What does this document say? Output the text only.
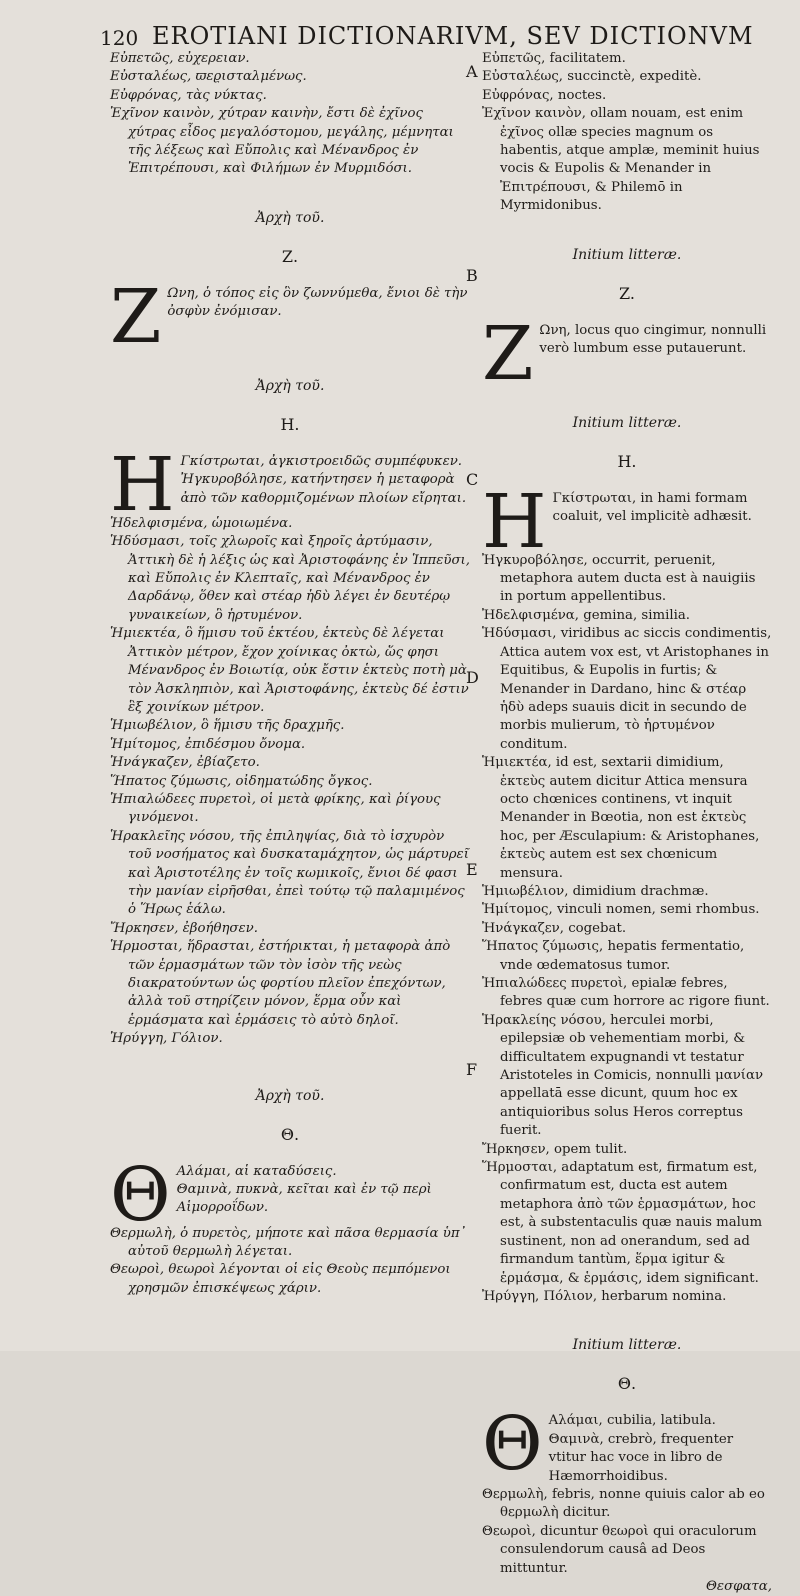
120 EROTIANI DICTIONARIVM, SEV DICTIONVM
A
B
C
D
E
F

Εὐπετῶς, εὐχερειαν.

Εὐσταλέως, ϖεϱισταλμένως.

Εὐφρόνας, τὰς νύκτας.

Ἐχῖνον καινὸν, χύτραν καινὴν, ἔστι δὲ ἐχῖνος χύτρας εἶδος μεγαλόστομου, μεγάλης, μέμνηται τῆς λέξεως καὶ Εὔπολις καὶ Μένανδρος ἐν Ἐπιτρέπουσι, καὶ Φιλήμων ἐν Μυρμιδόσι.

Ἀρχὴ τοῦ.

Ζ.

Z Ωνη, ὁ τόπος εἰς ὃν ζωννύμεθα, ἔνιοι δὲ τὴν ὀσφὺν ἐνόμισαν.

Ἀρχὴ τοῦ.

Η.

H Γκίστρωται, ἀγκιστροειδῶς συμπέφυκεν.

Ἠγκυροβόλησε, κατήντησεν ἡ μεταφορὰ ἀπὸ τῶν καθορμιζομένων πλοίων εἴρηται.

Ἠδελφισμένα, ὡμοιωμένα.

Ἡδύσμασι, τοῖς χλωροῖς καὶ ξηροῖς ἀρτύμασιν, Ἀττικὴ δὲ ἡ λέξις ὡς καὶ Ἀριστοφάνης ἐν Ἱππεῦσι, καὶ Εὔπολις ἐν Κλεπταῖς, καὶ Μένανδρος ἐν Δαρδάνῳ, ὅθεν καὶ στέαρ ἡδὺ λέγει ἐν δευτέρῳ γυναικείων, ὃ ἡρτυμένον.

Ἡμιεκτέα, ὃ ἥμισυ τοῦ ἑκτέου, ἑκτεὺς δὲ λέγεται Ἀττικὸν μέτρον, ἔχον χοίνικας ὀκτὼ, ὥς φησι Μένανδρος ἐν Βοιωτίᾳ, οὐκ ἔστιν ἑκτεὺς ποτὴ μὰ τὸν Ἀσκληπιὸν, καὶ Ἀριστοφάνης, ἑκτεὺς δέ ἐστιν ἓξ χοινίκων μέτρον.

Ἡμιωβέλιον, ὃ ἥμισυ τῆς δραχμῆς.

Ἡμίτομος, ἐπιδέσμου ὄνομα.

Ἠνάγκαζεν, ἐβίαζετο.

Ἥπατος ζύμωσις, οἰδηματώδης ὄγκος.

Ἠπιαλώδεες πυρετοὶ, οἱ μετὰ φρίκης, καὶ ῥίγους γινόμενοι.

Ἡρακλεῖης νόσου, τῆς ἐπιληψίας, διὰ τὸ ἰσχυρὸν τοῦ νοσήματος καὶ δυσκαταμάχητον, ὡς μάρτυρεῖ καὶ Ἀριστοτέλης ἐν τοῖς κωμικοῖς, ἔνιοι δέ φασι τὴν μανίαν εἰρῆσθαι, ἐπεὶ τούτῳ τῷ παλαμιμένος ὁ Ἥρως ἑάλω.

Ἤρκησεν, ἐβοήθησεν.

Ἡρμοσται, ἥδρασται, ἐστήρικται, ἡ μεταφορὰ ἀπὸ τῶν ἑρμασμάτων τῶν τὸν ἰσὸν τῆς νεὼς διακρατούντων ὡς φορτίου πλεῖον ἐπεχόντων, ἀλλὰ τοῦ στηρίζειν μόνον, ἕρμα οὖν καὶ ἑρμάσματα καὶ ἑρμάσεις τὸ αὐτὸ δηλοῖ.

Ἠρύγγη, Γόλιον.

Ἀρχὴ τοῦ.

Θ.

Θ Αλάμαι, αἱ καταδύσεις.

Θαμινὰ, πυκνὰ, κεῖται καὶ ἐν τῷ περὶ Αἱμορροΐδων.

Θερμωλὴ, ὁ πυρετὸς, μήποτε καὶ πᾶσα θερμασία ὑπ᾽ αὐτοῦ θερμωλὴ λέγεται.

Θεωροὶ, θεωροὶ λέγονται οἱ εἰς Θεοὺς πεμπόμενοι χρησμῶν ἐπισκέψεως χάριν.

Εὐπετῶς, facilitatem.

Εὐσταλέως, succinctè, expeditè.

Εὐφρόνας, noctes.

Ἐχῖνον καινὸν, ollam nouam, est enim ἐχῖνος ollæ species magnum os habentis, atque amplæ, meminit huius vocis & Eupolis & Menander in Ἐπιτρέπουσι, & Philemō in Myrmidonibus.

Initium litteræ.

Z.

Z Ωνη, locus quo cingimur, nonnulli verò lumbum esse putauerunt.

Initium litteræ.

H.

H Γκίστρωται, in hami formam coaluit, vel implicitè adhæsit.

Ἠγκυροβόλησε, occurrit, peruenit, metaphora autem ducta est à nauigiis in portum appellentibus.

Ἠδελφισμένα, gemina, similia.

Ἡδύσμασι, viridibus ac siccis condimentis, Attica autem vox est, vt Aristophanes in Equitibus, & Eupolis in furtis; & Menander in Dardano, hinc & στέαρ ἡδὺ adeps suauis dicit in secundo de morbis mulierum, τὸ ἡρτυμένον conditum.

Ἡμιεκτέα, id est, sextarii dimidium, ἑκτεὺς autem dicitur Attica mensura octo chœnices continens, vt inquit Menander in Bœotia, non est ἑκτεὺς hoc, per Æsculapium: & Aristophanes, ἑκτεὺς autem est sex chœnicum mensura.

Ἡμιωβέλιον, dimidium drachmæ.

Ἡμίτομος, vinculi nomen, semi rhombus.

Ἠνάγκαζεν, cogebat.

Ἥπατος ζύμωσις, hepatis fermentatio, vnde œdematosus tumor.

Ἠπιαλώδεες πυρετοὶ, epialæ febres, febres quæ cum horrore ac rigore fiunt.

Ἡρακλείης νόσου, herculei morbi, epilepsiæ ob vehementiam morbi, & difficultatem expugnandi vt testatur Aristoteles in Comicis, nonnulli μανίαν appellatā esse dicunt, quum hoc ex antiquioribus solus Heros correptus fuerit.

Ἤρκησεν, opem tulit.

Ἥρμοσται, adaptatum est, firmatum est, confirmatum est, ducta est autem metaphora ἀπὸ τῶν ἑρμασμάτων, hoc est, à substentaculis quæ nauis malum sustinent, non ad onerandum, sed ad firmandum tantùm, ἕρμα igitur & ἑρμάσμα, & ἑρμάσις, idem significant.

Ἠρύγγη, Πόλιον, herbarum nomina.

Initium litteræ.

Θ.

Θ Αλάμαι, cubilia, latibula.

Θαμινὰ, crebrò, frequenter vtitur hac voce in libro de Hæmorrhoidibus.

Θερμωλὴ, febris, nonne quiuis calor ab eo θερμωλὴ dicitur.

Θεωροὶ, dicuntur θεωροὶ qui oraculorum consulendorum causâ ad Deos mittuntur.

Θεσφατα,
